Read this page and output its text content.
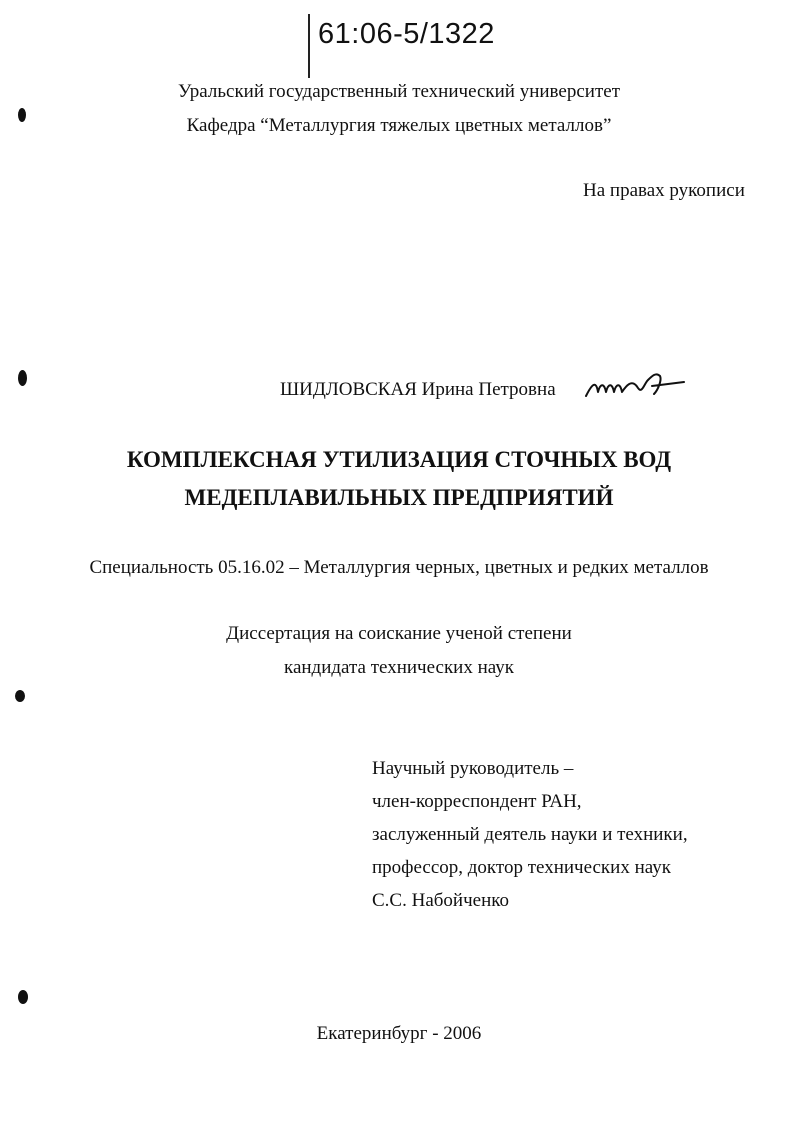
61:06-5/1322
Уральский государственный технический университет
Кафедра “Металлургия тяжелых цветных металлов”
На правах рукописи
ШИДЛОВСКАЯ Ирина Петровна
КОМПЛЕКСНАЯ УТИЛИЗАЦИЯ СТОЧНЫХ ВОД
МЕДЕПЛАВИЛЬНЫХ ПРЕДПРИЯТИЙ
Специальность 05.16.02 – Металлургия черных, цветных и редких металлов
Диссертация на соискание ученой степени
кандидата технических наук
Научный руководитель –
член-корреспондент РАН,
заслуженный деятель науки и техники,
профессор, доктор технических наук
С.С. Набойченко
Екатеринбург - 2006
